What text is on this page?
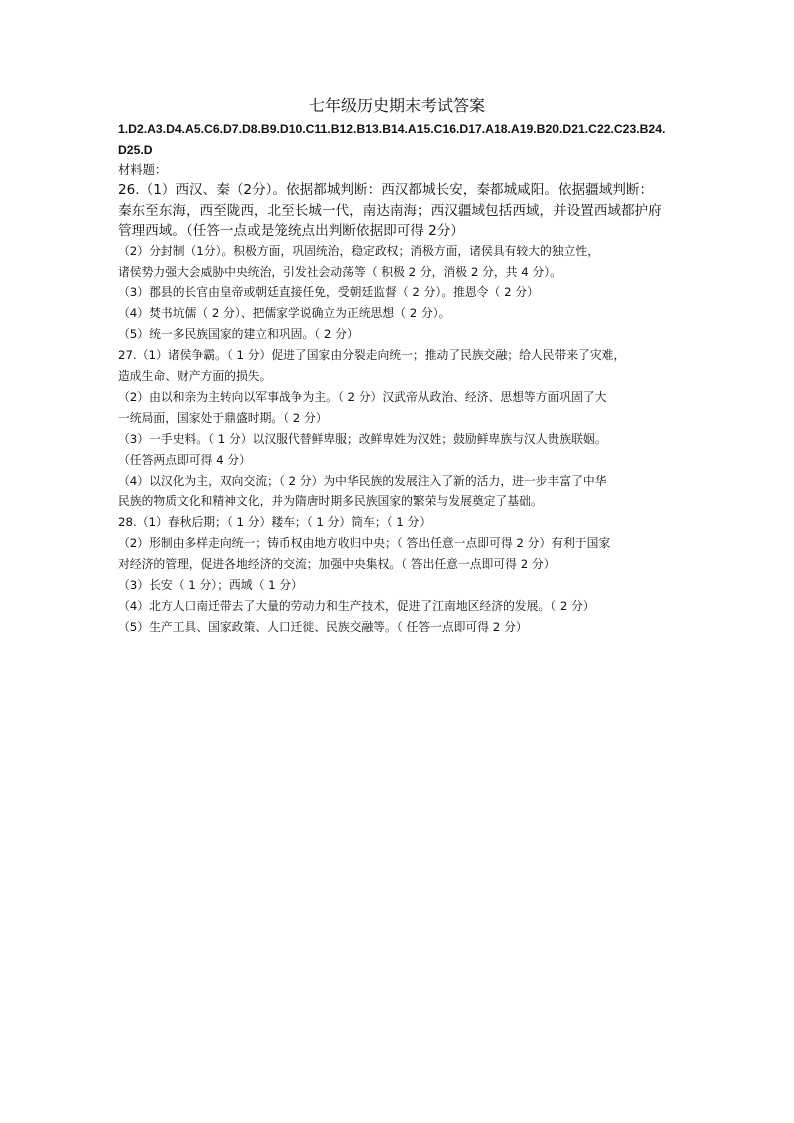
七年级历史期末考试答案
1.D2.A3.D4.A5.C6.D7.D8.B9.D10.C11.B12.B13.B14.A15.C16.D17.A18.A19.B20.D21.C22.C23.B24.
D25.D
材料题：
26.（1）西汉、秦（2分）。依据都城判断：西汉都城长安，秦都城咸阳。依据疆域判断：
秦东至东海，西至陇西，北至长城一代，南达南海；西汉疆域包括西域，并设置西域都护府
管理西域。（任答一点或是笼统点出判断依据即可得 2分）
（2）分封制（1分）。积极方面，巩固统治，稳定政权；消极方面，诸侯具有较大的独立性，
诸侯势力强大会威胁中央统治，引发社会动荡等（ 积极 2 分，消极 2 分，共 4 分）。
（3）郡县的长官由皇帝或朝廷直接任免，受朝廷监督（ 2 分）。推恩令（ 2 分）
（4）焚书坑儒（ 2 分）、把儒家学说确立为正统思想（ 2 分）。
（5）统一多民族国家的建立和巩固。（ 2 分）
27.（1）诸侯争霸。（ 1 分）促进了国家由分裂走向统一；推动了民族交融；给人民带来了灾难，
造成生命、财产方面的损失。
（2）由以和亲为主转向以军事战争为主。（ 2 分）汉武帝从政治、经济、思想等方面巩固了大
一统局面，国家处于鼎盛时期。（ 2 分）
（3）一手史料。（ 1 分）以汉服代替鲜卑服；改鲜卑姓为汉姓；鼓励鲜卑族与汉人贵族联姻。
（任答两点即可得 4 分）
（4）以汉化为主，双向交流；（ 2 分）为中华民族的发展注入了新的活力，进一步丰富了中华
民族的物质文化和精神文化，并为隋唐时期多民族国家的繁荣与发展奠定了基础。
28.（1）春秋后期；（ 1 分）耧车；（ 1 分）筒车；（ 1 分）
（2）形制由多样走向统一；铸币权由地方收归中央；（ 答出任意一点即可得 2 分）有利于国家
对经济的管理，促进各地经济的交流；加强中央集权。（ 答出任意一点即可得 2 分）
（3）长安（ 1 分）；西域（ 1 分）
（4）北方人口南迁带去了大量的劳动力和生产技术，促进了江南地区经济的发展。（ 2 分）
（5）生产工具、国家政策、人口迁徙、民族交融等。（ 任答一点即可得 2 分）
